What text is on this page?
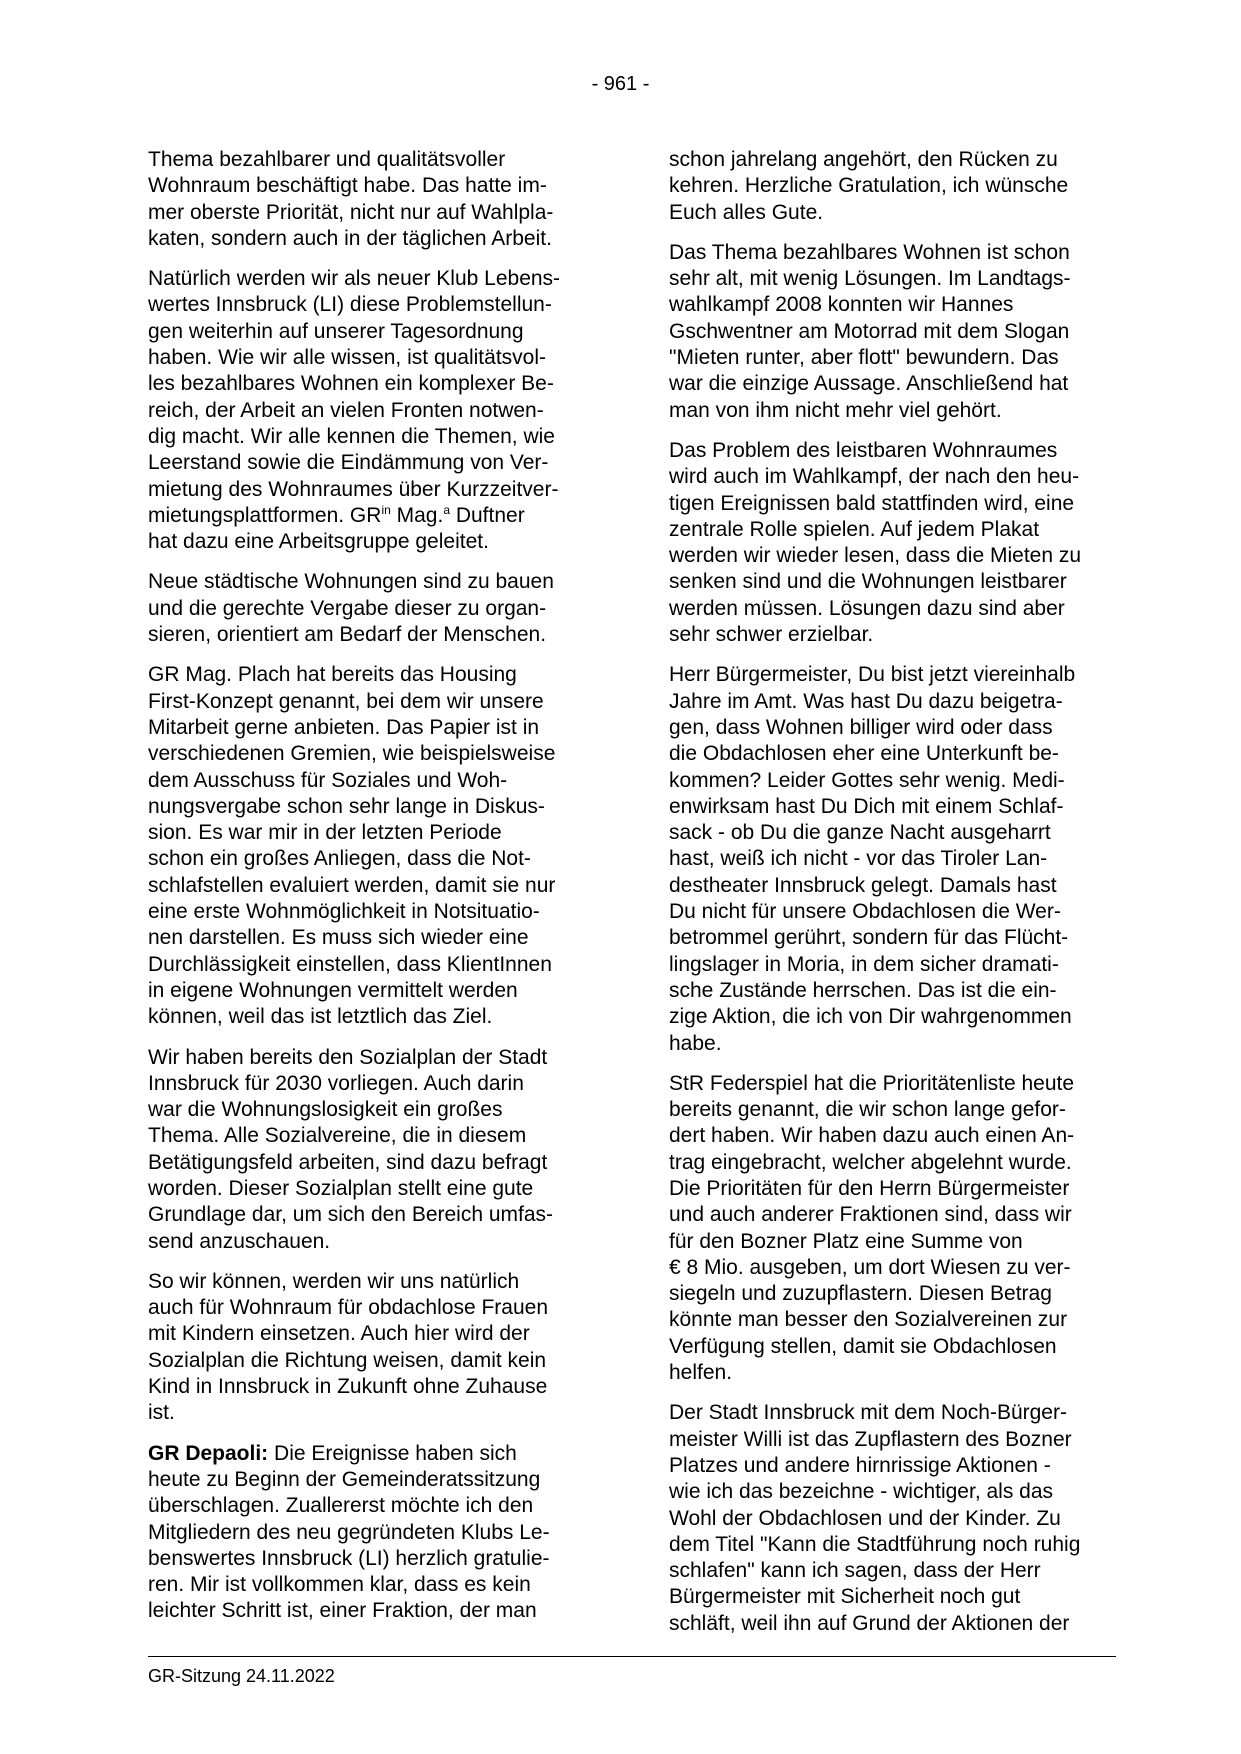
- 961 -

Thema bezahlbarer und qualitätsvoller
Wohnraum beschäftigt habe. Das hatte im-
mer oberste Priorität, nicht nur auf Wahlpla-
katen, sondern auch in der täglichen Arbeit.

Natürlich werden wir als neuer Klub Lebens-
wertes Innsbruck (LI) diese Problemstellun-
gen weiterhin auf unserer Tagesordnung
haben. Wie wir alle wissen, ist qualitätsvol-
les bezahlbares Wohnen ein komplexer Be-
reich, der Arbeit an vielen Fronten notwen-
dig macht. Wir alle kennen die Themen, wie
Leerstand sowie die Eindämmung von Ver-
mietung des Wohnraumes über Kurzzeitver-
mietungsplattformen. $GR^{in}$ Mag.$^a$ Duftner
hat dazu eine Arbeitsgruppe geleitet.

Neue städtische Wohnungen sind zu bauen
und die gerechte Vergabe dieser zu organ-
sieren, orientiert am Bedarf der Menschen.

GR Mag. Plach hat bereits das Housing
First-Konzept genannt, bei dem wir unsere
Mitarbeit gerne anbieten. Das Papier ist in
verschiedenen Gremien, wie beispielsweise
dem Ausschuss für Soziales und Woh-
nungsvergabe schon sehr lange in Diskus-
sion. Es war mir in der letzten Periode
schon ein großes Anliegen, dass die Not-
schlafstellen evaluiert werden, damit sie nur
eine erste Wohnmöglichkeit in Notsituatio-
nen darstellen. Es muss sich wieder eine
Durchlässigkeit einstellen, dass KlientInnen
in eigene Wohnungen vermittelt werden
können, weil das ist letztlich das Ziel.

Wir haben bereits den Sozialplan der Stadt
Innsbruck für 2030 vorliegen. Auch darin
war die Wohnungslosigkeit ein großes
Thema. Alle Sozialvereine, die in diesem
Betätigungsfeld arbeiten, sind dazu befragt
worden. Dieser Sozialplan stellt eine gute
Grundlage dar, um sich den Bereich umfas-
send anzuschauen.

So wir können, werden wir uns natürlich
auch für Wohnraum für obdachlose Frauen
mit Kindern einsetzen. Auch hier wird der
Sozialplan die Richtung weisen, damit kein
Kind in Innsbruck in Zukunft ohne Zuhause
ist.

GR Depaoli: Die Ereignisse haben sich
heute zu Beginn der Gemeinderatssitzung
überschlagen. Zuallererst möchte ich den
Mitgliedern des neu gegründeten Klubs Le-
benswertes Innsbruck (LI) herzlich gratulie-
ren. Mir ist vollkommen klar, dass es kein
leichter Schritt ist, einer Fraktion, der man

schon jahrelang angehört, den Rücken zu
kehren. Herzliche Gratulation, ich wünsche
Euch alles Gute.

Das Thema bezahlbares Wohnen ist schon
sehr alt, mit wenig Lösungen. Im Landtags-
wahlkampf 2008 konnten wir Hannes
Gschwentner am Motorrad mit dem Slogan
"Mieten runter, aber flott" bewundern. Das
war die einzige Aussage. Anschließend hat
man von ihm nicht mehr viel gehört.

Das Problem des leistbaren Wohnraumes
wird auch im Wahlkampf, der nach den heu-
tigen Ereignissen bald stattfinden wird, eine
zentrale Rolle spielen. Auf jedem Plakat
werden wir wieder lesen, dass die Mieten zu
senken sind und die Wohnungen leistbarer
werden müssen. Lösungen dazu sind aber
sehr schwer erzielbar.

Herr Bürgermeister, Du bist jetzt viereinhalb
Jahre im Amt. Was hast Du dazu beigetra-
gen, dass Wohnen billiger wird oder dass
die Obdachlosen eher eine Unterkunft be-
kommen? Leider Gottes sehr wenig. Medi-
enwirksam hast Du Dich mit einem Schlaf-
sack - ob Du die ganze Nacht ausgeharrt
hast, weiß ich nicht - vor das Tiroler Lan-
destheater Innsbruck gelegt. Damals hast
Du nicht für unsere Obdachlosen die Wer-
betrommel gerührt, sondern für das Flücht-
lingslager in Moria, in dem sicher dramati-
sche Zustände herrschen. Das ist die ein-
zige Aktion, die ich von Dir wahrgenommen
habe.

StR Federspiel hat die Prioritätenliste heute
bereits genannt, die wir schon lange gefor-
dert haben. Wir haben dazu auch einen An-
trag eingebracht, welcher abgelehnt wurde.
Die Prioritäten für den Herrn Bürgermeister
und auch anderer Fraktionen sind, dass wir
für den Bozner Platz eine Summe von
€ 8 Mio. ausgeben, um dort Wiesen zu ver-
siegeln und zuzupflastern. Diesen Betrag
könnte man besser den Sozialvereinen zur
Verfügung stellen, damit sie Obdachlosen
helfen.

Der Stadt Innsbruck mit dem Noch-Bürger-
meister Willi ist das Zupflastern des Bozner
Platzes und andere hirnrissige Aktionen -
wie ich das bezeichne - wichtiger, als das
Wohl der Obdachlosen und der Kinder. Zu
dem Titel "Kann die Stadtführung noch ruhig
schlafen" kann ich sagen, dass der Herr
Bürgermeister mit Sicherheit noch gut
schläft, weil ihn auf Grund der Aktionen der

GR-Sitzung 24.11.2022
